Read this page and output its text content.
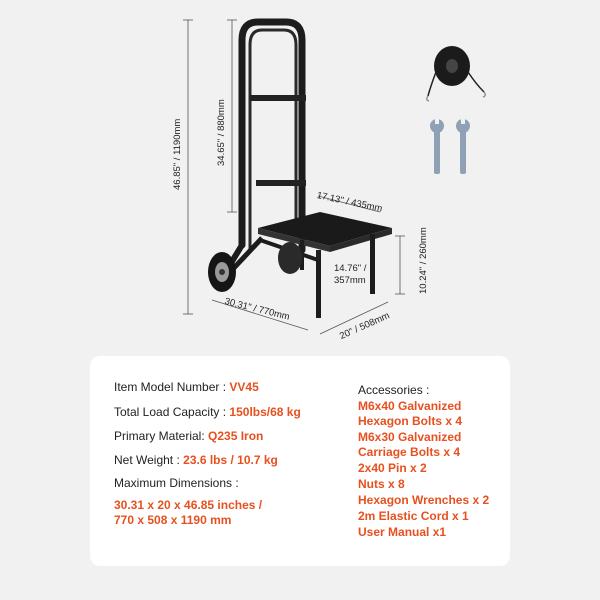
46.85" / 1190mm	34.65" / 880mm
17.13" / 435mm
14.76" /
357mm	10.24" / 260mm
30.31" / 770mm
20" / 508mm
Item Model Number : VV45
Total Load Capacity : 150lbs/68 kg
Primary Material: Q235 Iron
Net Weight : 23.6 lbs / 10.7 kg
Maximum Dimensions :
30.31 x 20 x 46.85 inches /
770 x 508 x 1190 mm
Accessories :
M6x40 Galvanized
Hexagon Bolts x 4
M6x30 Galvanized
Carriage Bolts x 4
2x40 Pin x 2
Nuts x 8
Hexagon Wrenches x 2
2m Elastic Cord x 1
User Manual x1
